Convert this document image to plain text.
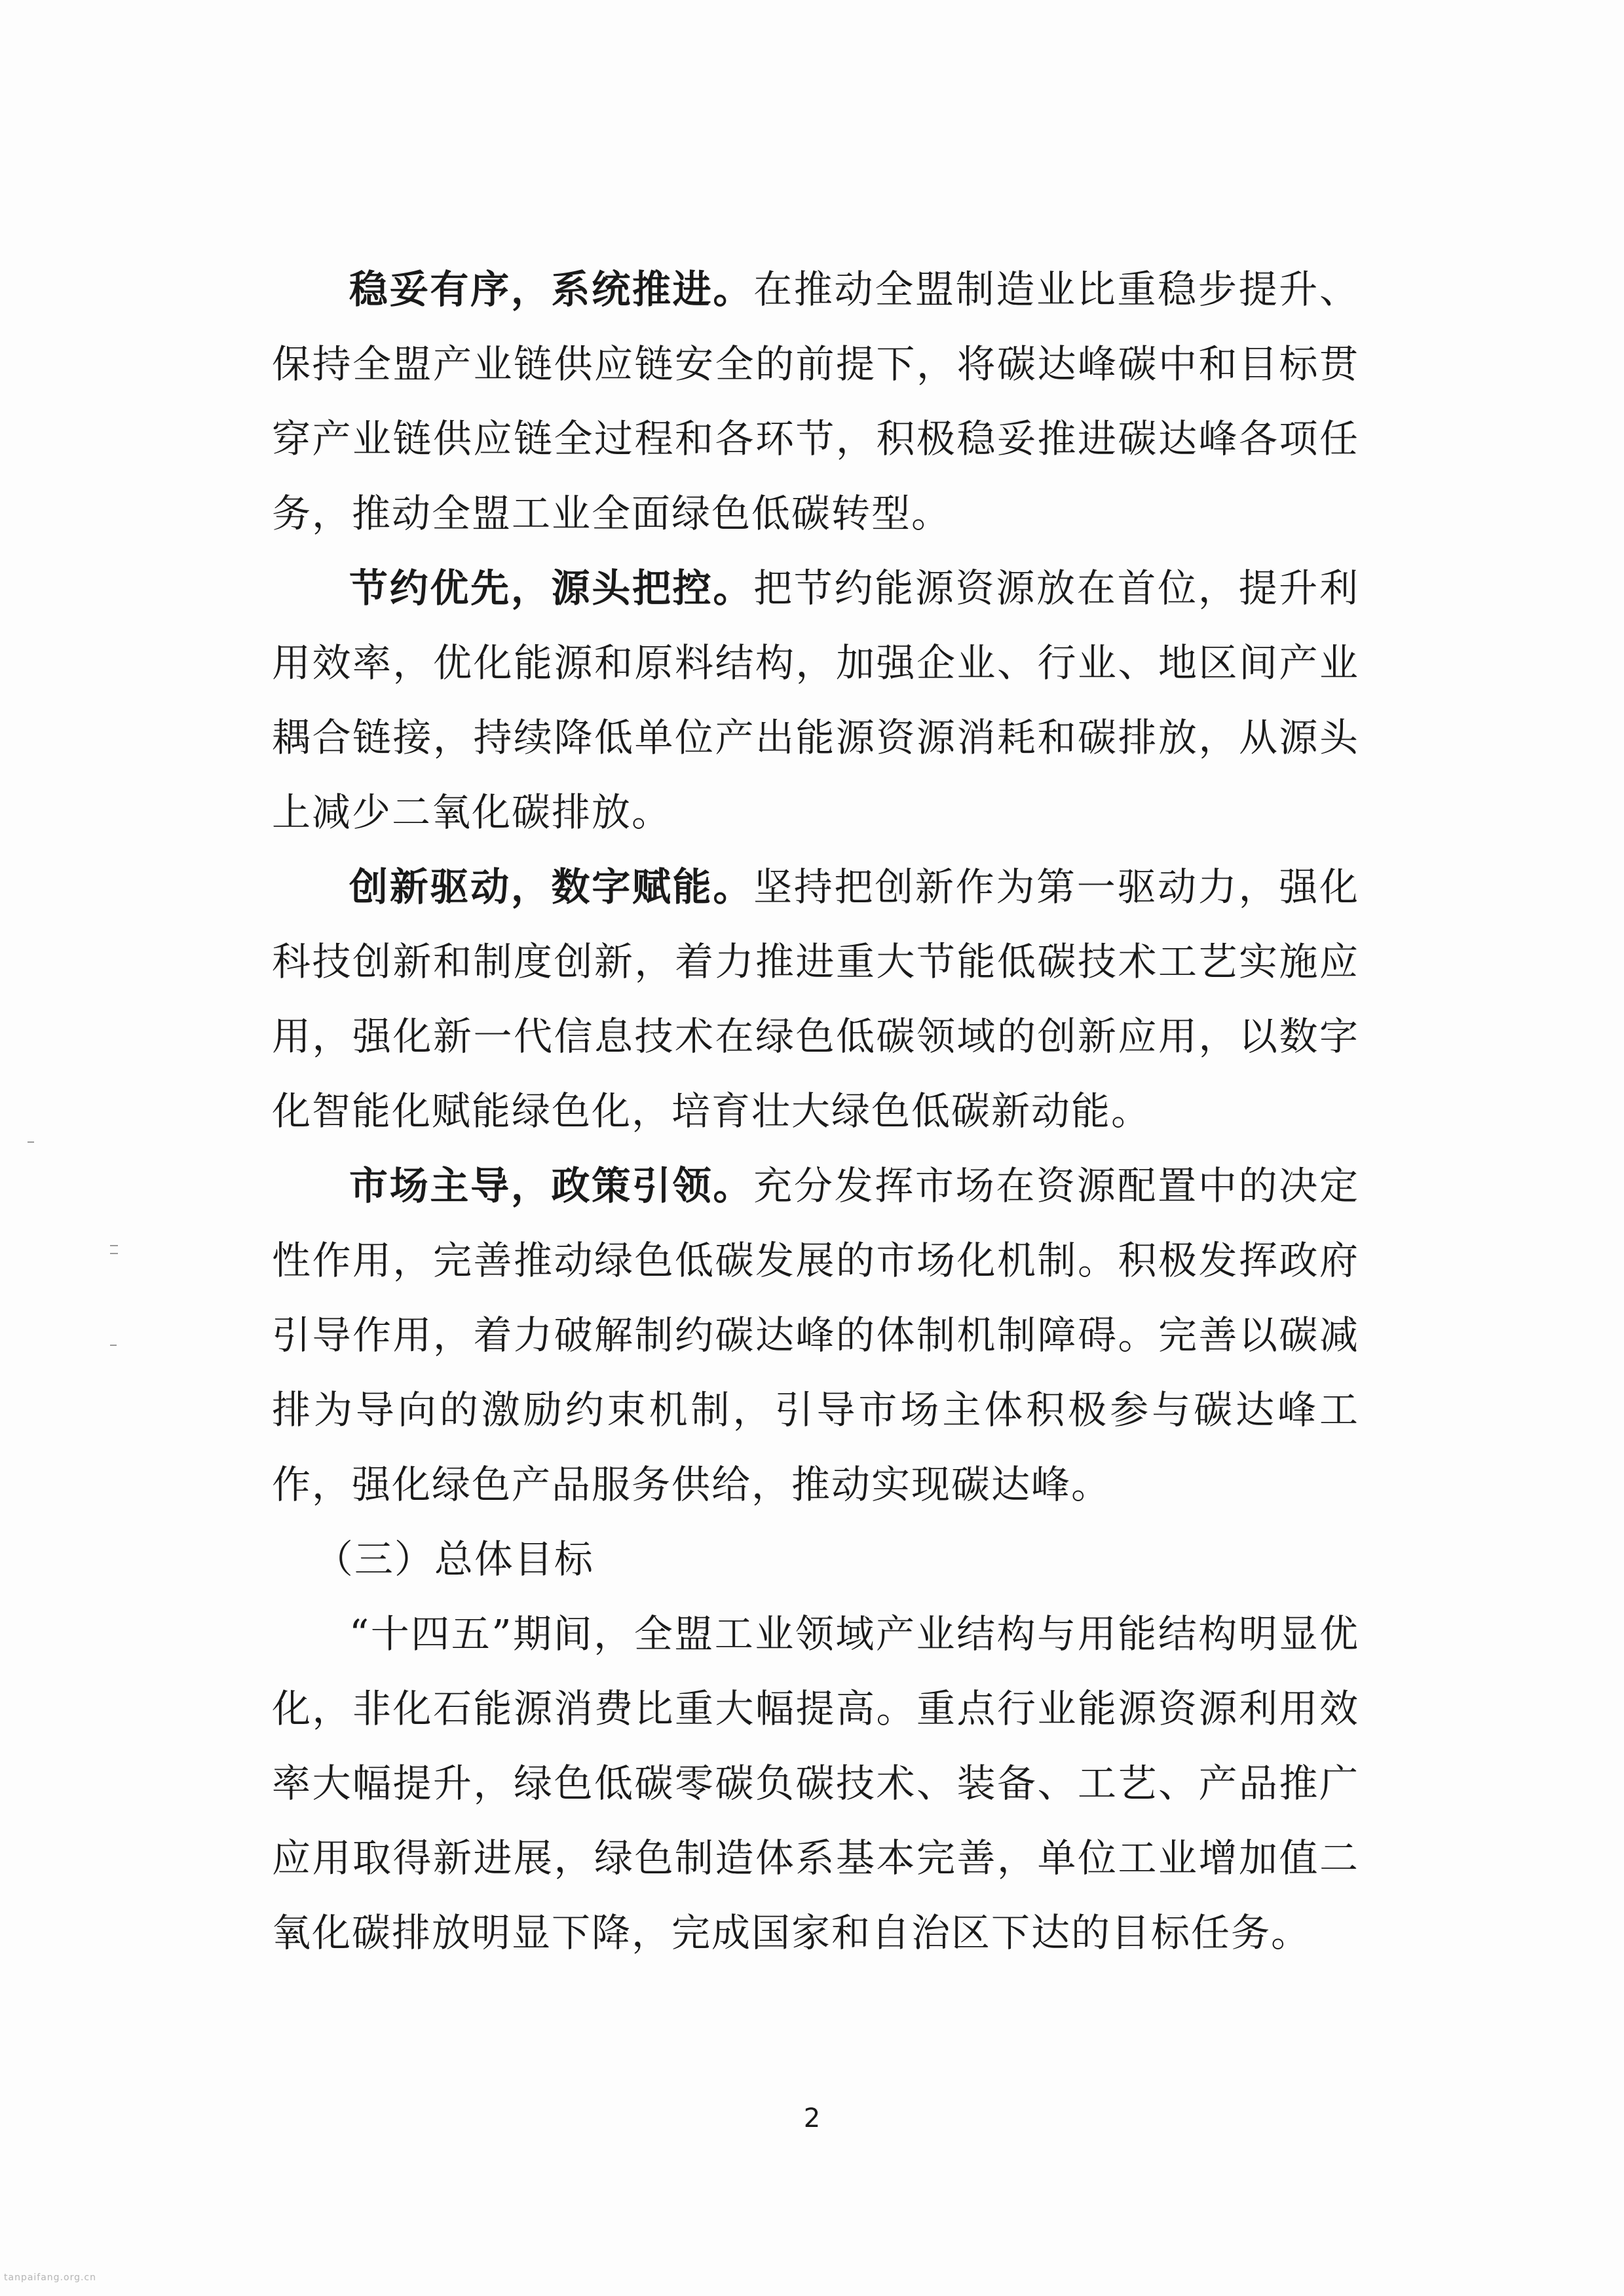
稳妥有序，系统推进。在推动全盟制造业比重稳步提升、保持全盟产业链供应链安全的前提下，将碳达峰碳中和目标贯穿产业链供应链全过程和各环节，积极稳妥推进碳达峰各项任务，推动全盟工业全面绿色低碳转型。

节约优先，源头把控。把节约能源资源放在首位，提升利用效率，优化能源和原料结构，加强企业、行业、地区间产业耦合链接，持续降低单位产出能源资源消耗和碳排放，从源头上减少二氧化碳排放。

创新驱动，数字赋能。坚持把创新作为第一驱动力，强化科技创新和制度创新，着力推进重大节能低碳技术工艺实施应用，强化新一代信息技术在绿色低碳领域的创新应用，以数字化智能化赋能绿色化，培育壮大绿色低碳新动能。

市场主导，政策引领。充分发挥市场在资源配置中的决定性作用，完善推动绿色低碳发展的市场化机制。积极发挥政府引导作用，着力破解制约碳达峰的体制机制障碍。完善以碳减排为导向的激励约束机制，引导市场主体积极参与碳达峰工作，强化绿色产品服务供给，推动实现碳达峰。

（三）总体目标

“十四五”期间，全盟工业领域产业结构与用能结构明显优化，非化石能源消费比重大幅提高。重点行业能源资源利用效率大幅提升，绿色低碳零碳负碳技术、装备、工艺、产品推广应用取得新进展，绿色制造体系基本完善，单位工业增加值二氧化碳排放明显下降，完成国家和自治区下达的目标任务。

2
tanpaifang.org.cn
